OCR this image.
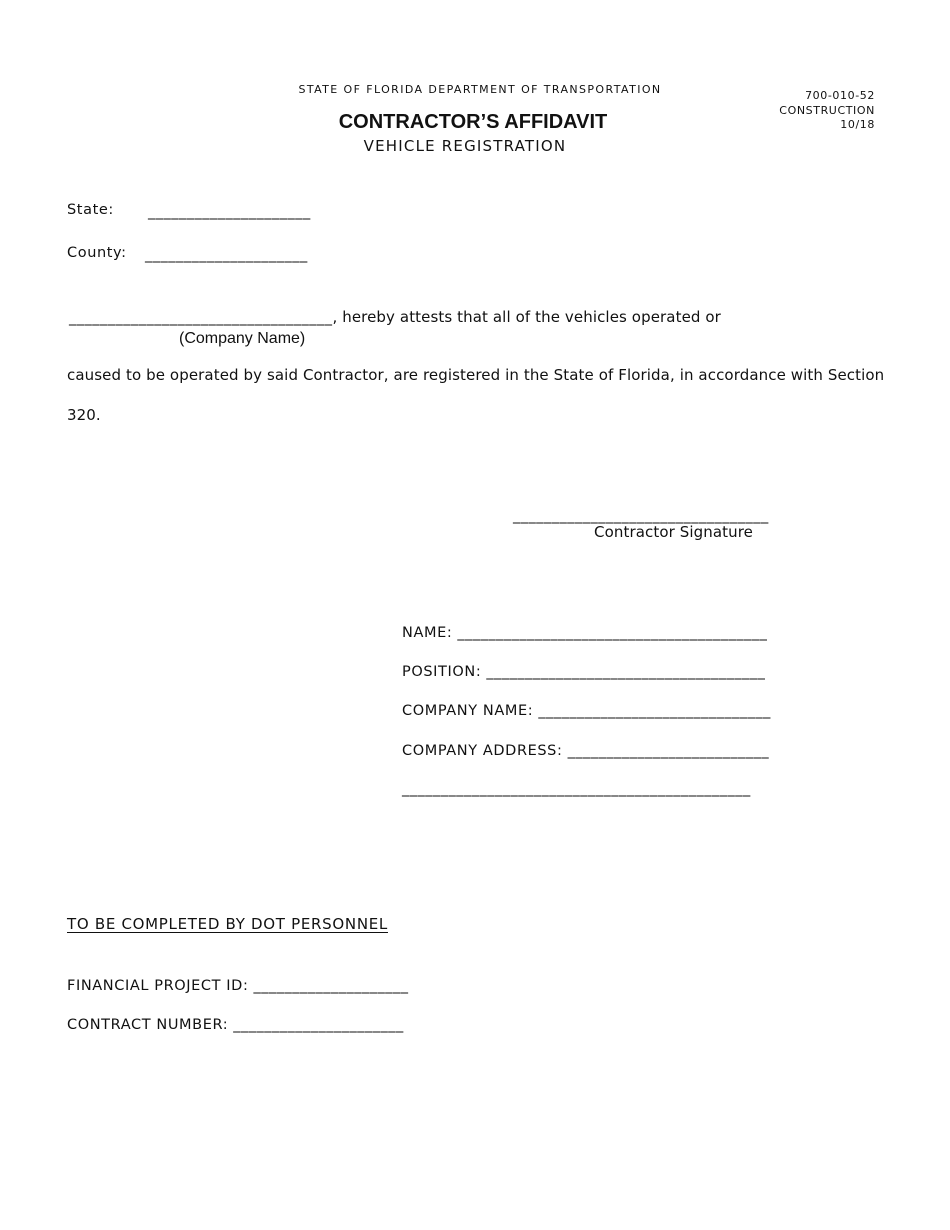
STATE OF FLORIDA DEPARTMENT OF TRANSPORTATION	700-010-52
CONSTRUCTION
10/18
CONTRACTOR’S AFFIDAVIT
VEHICLE REGISTRATION
State: _____________________
County: _____________________
__________________________________, hereby attests that all of the vehicles operated or
(Company Name)
caused to be operated by said Contractor, are registered in the State of Florida, in accordance with Section
320.
_________________________________
Contractor Signature
NAME: ________________________________________
POSITION: ____________________________________
COMPANY NAME: ______________________________
COMPANY ADDRESS: __________________________
_____________________________________________
TO BE COMPLETED BY DOT PERSONNEL
FINANCIAL PROJECT ID: ____________________
CONTRACT NUMBER: ______________________
